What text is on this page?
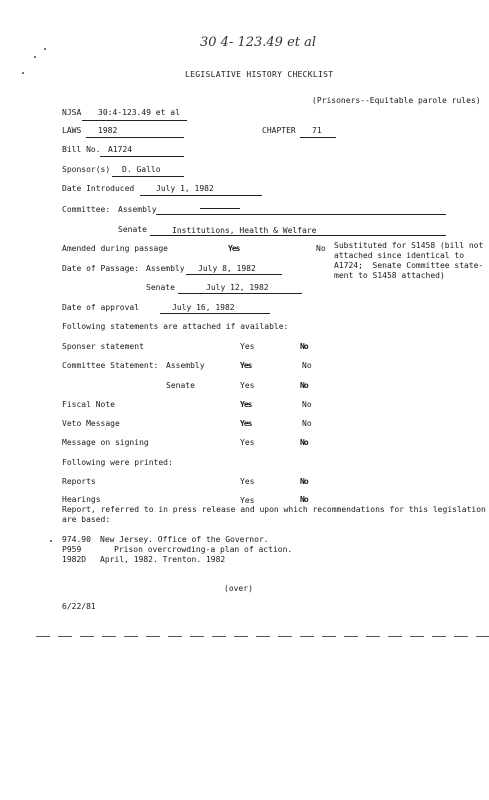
30 4- 123.49 et al
LEGISLATIVE HISTORY CHECKLIST
(Prisoners--Equitable parole rules)
NJSA 30:4-123.49 et al
LAWS 1982	CHAPTER 71
Bill No. A1724
Sponsor(s) D. Gallo
Date Introduced	July 1, 1982
Committee: Assembly
Senate	Institutions, Health & Welfare
Amended during passage	Yes	No Substituted for S1458 (bill not
attached since identical to
A1724;  Senate Committee state-
ment to S1458 attached)
Date of Passage: Assembly July 8, 1982
Senate	July 12, 1982
Date of approval	July 16, 1982
Following statements are attached if available:
Sponser statement	Yes	No
Committee Statement: Assembly	Yes	No
Senate	Yes	No
Fiscal Note	Yes	No
Veto Message	Yes	No
Message on signing	Yes	No
Following were printed:
Reports	Yes	No
Hearings	Yes	No
Report, referred to in press release and upon which recommendations for this legislation
are based:
974.90 New Jersey. Office of the Governor.
P959	Prison overcrowding-a plan of action.
1982D April, 1982. Trenton. 1982
(over)
6/22/81
